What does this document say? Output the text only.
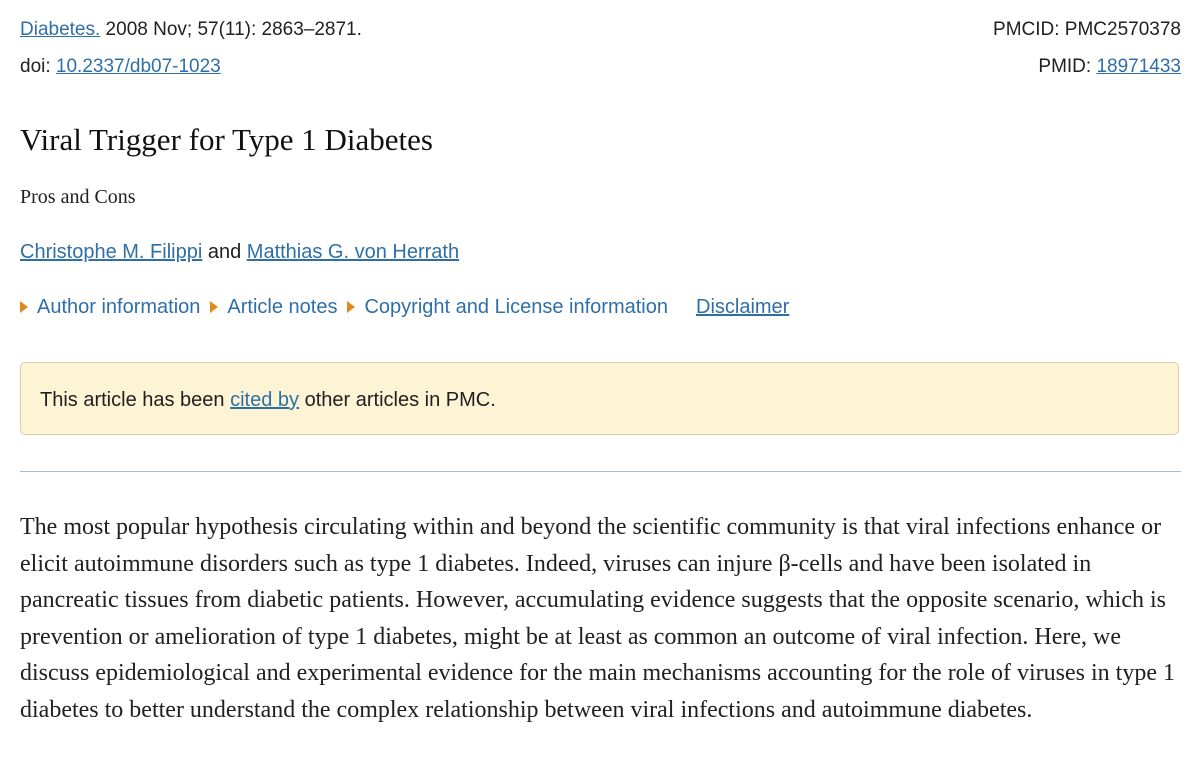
Diabetes. 2008 Nov; 57(11): 2863–2871.	PMCID: PMC2570378
doi: 10.2337/db07-1023	PMID: 18971433
Viral Trigger for Type 1 Diabetes
Pros and Cons
Christophe M. Filippi and Matthias G. von Herrath
Author information Article notes Copyright and License information Disclaimer
This article has been cited by other articles in PMC.

The most popular hypothesis circulating within and beyond the scientific community is that viral infections enhance or elicit autoimmune disorders such as type 1 diabetes. Indeed, viruses can injure β-cells and have been isolated in pancreatic tissues from diabetic patients. However, accumulating evidence suggests that the opposite scenario, which is prevention or amelioration of type 1 diabetes, might be at least as common an outcome of viral infection. Here, we discuss epidemiological and experimental evidence for the main mechanisms accounting for the role of viruses in type 1 diabetes to better understand the complex relationship between viral infections and autoimmune diabetes.
